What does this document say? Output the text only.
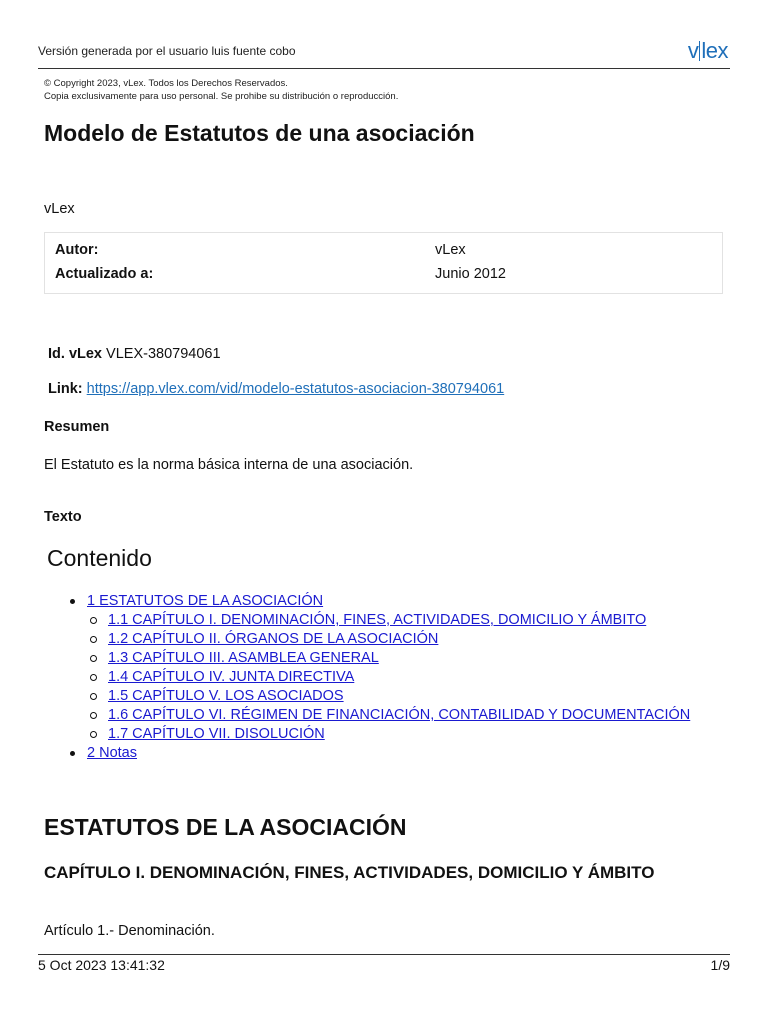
Versión generada por el usuario luis fuente cobo	v lex
© Copyright 2023, vLex. Todos los Derechos Reservados.
Copia exclusivamente para uso personal. Se prohibe su distribución o reproducción.
Modelo de Estatutos de una asociación
vLex
Autor:	vLex
Actualizado a:	Junio 2012
Id. vLex VLEX-380794061
Link: https://app.vlex.com/vid/modelo-estatutos-asociacion-380794061
Resumen
El Estatuto es la norma básica interna de una asociación.
Texto
Contenido
1 ESTATUTOS DE LA ASOCIACIÓN
1.1 CAPÍTULO I. DENOMINACIÓN, FINES, ACTIVIDADES, DOMICILIO Y ÁMBITO
1.2 CAPÍTULO II. ÓRGANOS DE LA ASOCIACIÓN
1.3 CAPÍTULO III. ASAMBLEA GENERAL
1.4 CAPÍTULO IV. JUNTA DIRECTIVA
1.5 CAPÍTULO V. LOS ASOCIADOS
1.6 CAPÍTULO VI. RÉGIMEN DE FINANCIACIÓN, CONTABILIDAD Y DOCUMENTACIÓN
1.7 CAPÍTULO VII. DISOLUCIÓN
2 Notas
ESTATUTOS DE LA ASOCIACIÓN
CAPÍTULO I. DENOMINACIÓN, FINES, ACTIVIDADES, DOMICILIO Y ÁMBITO

Artículo 1.- Denominación.

5 Oct 2023 13:41:32	1/9
